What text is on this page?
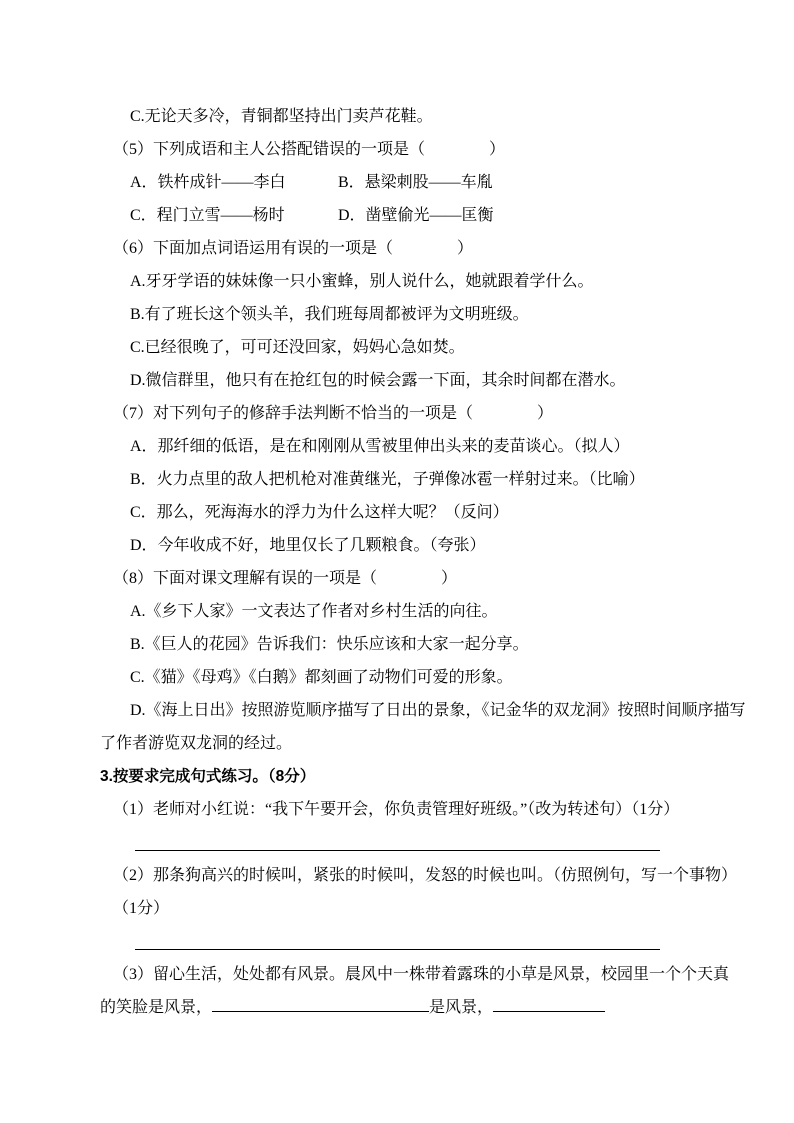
C.无论天多冷，青铜都坚持出门卖芦花鞋。

（5）下列成语和主人公搭配错误的一项是（　　　　）

A．铁杵成针――李白	B．悬梁刺股――车胤

C．程门立雪――杨时	D．凿壁偷光――匡衡

（6）下面加点词语运用有误的一项是（　　　　）

A.牙牙学语的妹妹像一只小蜜蜂，别人说什么，她就跟着学什么。

B.有了班长这个领头羊，我们班每周都被评为文明班级。

C.已经很晚了，可可还没回家，妈妈心急如焚。

D.微信群里，他只有在抢红包的时候会露一下面，其余时间都在潜水。

（7）对下列句子的修辞手法判断不恰当的一项是（　　　　）

A．那纤细的低语，是在和刚刚从雪被里伸出头来的麦苗谈心。（拟人）

B．火力点里的敌人把机枪对准黄继光，子弹像冰雹一样射过来。（比喻）

C．那么，死海海水的浮力为什么这样大呢？（反问）

D．今年收成不好，地里仅长了几颗粮食。（夸张）

（8）下面对课文理解有误的一项是（　　　　）

A.《乡下人家》一文表达了作者对乡村生活的向往。

B.《巨人的花园》告诉我们：快乐应该和大家一起分享。

C.《猫》《母鸡》《白鹅》都刻画了动物们可爱的形象。

D.《海上日出》按照游览顺序描写了日出的景象，《记金华的双龙洞》按照时间顺序描写

了作者游览双龙洞的经过。

3.按要求完成句式练习。（8分）

（1）老师对小红说：“我下午要开会，你负责管理好班级。”（改为转述句）（1分）

（2）那条狗高兴的时候叫，紧张的时候叫，发怒的时候也叫。（仿照例句，写一个事物）

（1分）

（3）留心生活，处处都有风景。晨风中一株带着露珠的小草是风景，校园里一个个天真

的笑脸是风景，	是风景，
